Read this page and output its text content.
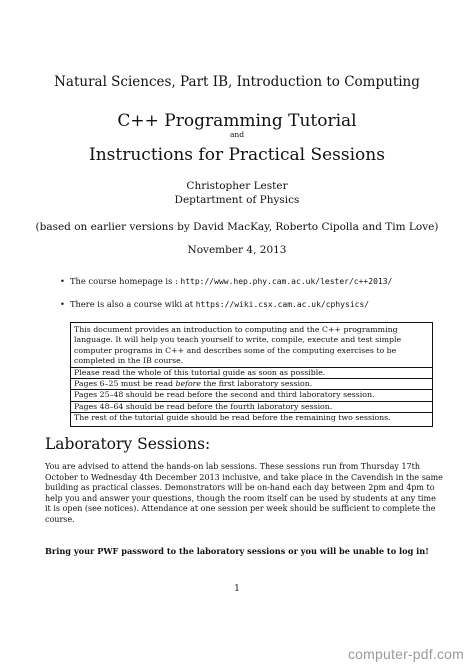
Natural Sciences, Part IB, Introduction to Computing
C++ Programming Tutorial
and
Instructions for Practical Sessions
Christopher Lester
Deptartment of Physics
(based on earlier versions by David MacKay, Roberto Cipolla and Tim Love)
November 4, 2013
• The course homepage is : http://www.hep.phy.cam.ac.uk/lester/c++2013/
• There is also a course wiki at https://wiki.csx.cam.ac.uk/cphysics/
This document provides an introduction to computing and the C++ programming
language. It will help you teach yourself to write, compile, execute and test simple
computer programs in C++ and describes some of the computing exercises to be
completed in the IB course.
Please read the whole of this tutorial guide as soon as possible.
Pages 6–25 must be read before the first laboratory session.
Pages 25–48 should be read before the second and third laboratory session.
Pages 48–64 should be read before the fourth laboratory session.
The rest of the tutorial guide should be read before the remaining two sessions.
Laboratory Sessions:
You are advised to attend the hands-on lab sessions. These sessions run from Thursday 17th
October to Wednesday 4th December 2013 inclusive, and take place in the Cavendish in the same
building as practical classes. Demonstrators will be on-hand each day between 2pm and 4pm to
help you and answer your questions, though the room itself can be used by students at any time
it is open (see notices). Attendance at one session per week should be sufficient to complete the
course.
Bring your PWF password to the laboratory sessions or you will be unable to log in!
1
computer-pdf.com
